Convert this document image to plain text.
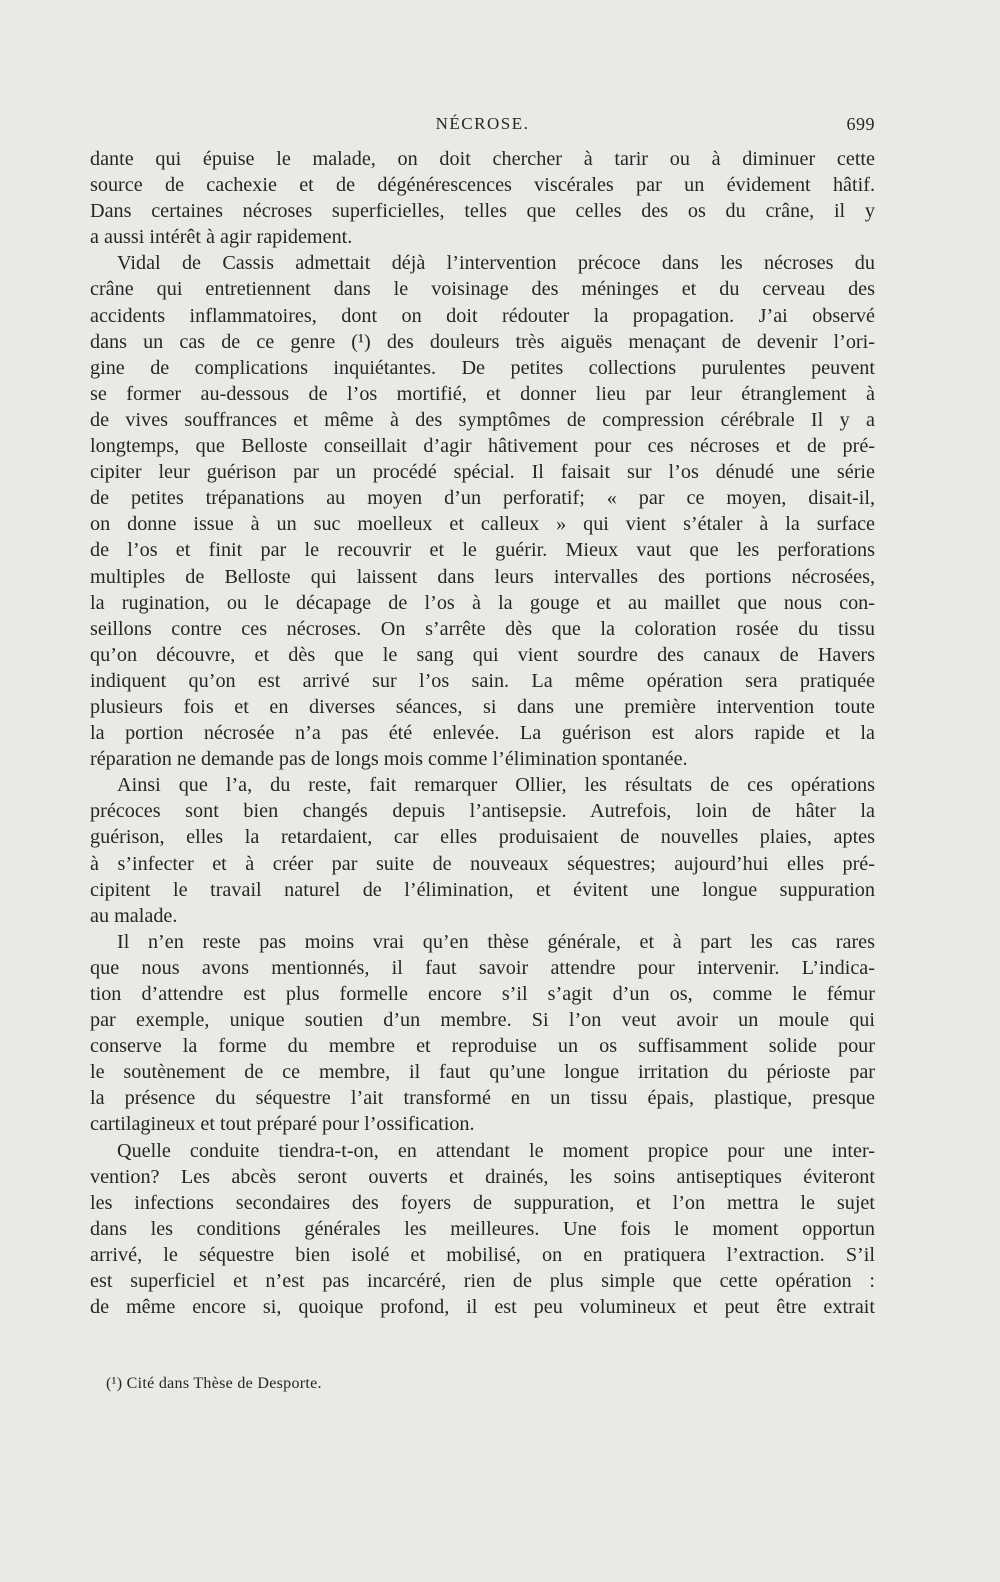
NÉCROSE.	699

dante qui épuise le malade, on doit chercher à tarir ou à diminuer cette
source de cachexie et de dégénérescences viscérales par un évidement hâtif.
Dans certaines nécroses superficielles, telles que celles des os du crâne, il y
a aussi intérêt à agir rapidement.

Vidal de Cassis admettait déjà l’intervention précoce dans les nécroses du
crâne qui entretiennent dans le voisinage des méninges et du cerveau des
accidents inflammatoires, dont on doit rédouter la propagation. J’ai observé
dans un cas de ce genre (¹) des douleurs très aiguës menaçant de devenir l’ori-
gine de complications inquiétantes. De petites collections purulentes peuvent
se former au-dessous de l’os mortifié, et donner lieu par leur étranglement à
de vives souffrances et même à des symptômes de compression cérébrale Il y a
longtemps, que Belloste conseillait d’agir hâtivement pour ces nécroses et de pré-
cipiter leur guérison par un procédé spécial. Il faisait sur l’os dénudé une série
de petites trépanations au moyen d’un perforatif; « par ce moyen, disait-il,
on donne issue à un suc moelleux et calleux » qui vient s’étaler à la surface
de l’os et finit par le recouvrir et le guérir. Mieux vaut que les perforations
multiples de Belloste qui laissent dans leurs intervalles des portions nécrosées,
la rugination, ou le décapage de l’os à la gouge et au maillet que nous con-
seillons contre ces nécroses. On s’arrête dès que la coloration rosée du tissu
qu’on découvre, et dès que le sang qui vient sourdre des canaux de Havers
indiquent qu’on est arrivé sur l’os sain. La même opération sera pratiquée
plusieurs fois et en diverses séances, si dans une première intervention toute
la portion nécrosée n’a pas été enlevée. La guérison est alors rapide et la
réparation ne demande pas de longs mois comme l’élimination spontanée.

Ainsi que l’a, du reste, fait remarquer Ollier, les résultats de ces opérations
précoces sont bien changés depuis l’antisepsie. Autrefois, loin de hâter la
guérison, elles la retardaient, car elles produisaient de nouvelles plaies, aptes
à s’infecter et à créer par suite de nouveaux séquestres; aujourd’hui elles pré-
cipitent le travail naturel de l’élimination, et évitent une longue suppuration
au malade.

Il n’en reste pas moins vrai qu’en thèse générale, et à part les cas rares
que nous avons mentionnés, il faut savoir attendre pour intervenir. L’indica-
tion d’attendre est plus formelle encore s’il s’agit d’un os, comme le fémur
par exemple, unique soutien d’un membre. Si l’on veut avoir un moule qui
conserve la forme du membre et reproduise un os suffisamment solide pour
le soutènement de ce membre, il faut qu’une longue irritation du périoste par
la présence du séquestre l’ait transformé en un tissu épais, plastique, presque
cartilagineux et tout préparé pour l’ossification.

Quelle conduite tiendra-t-on, en attendant le moment propice pour une inter-
vention? Les abcès seront ouverts et drainés, les soins antiseptiques éviteront
les infections secondaires des foyers de suppuration, et l’on mettra le sujet
dans les conditions générales les meilleures. Une fois le moment opportun
arrivé, le séquestre bien isolé et mobilisé, on en pratiquera l’extraction. S’il
est superficiel et n’est pas incarcéré, rien de plus simple que cette opération :
de même encore si, quoique profond, il est peu volumineux et peut être extrait

(¹) Cité dans Thèse de Desporte.
